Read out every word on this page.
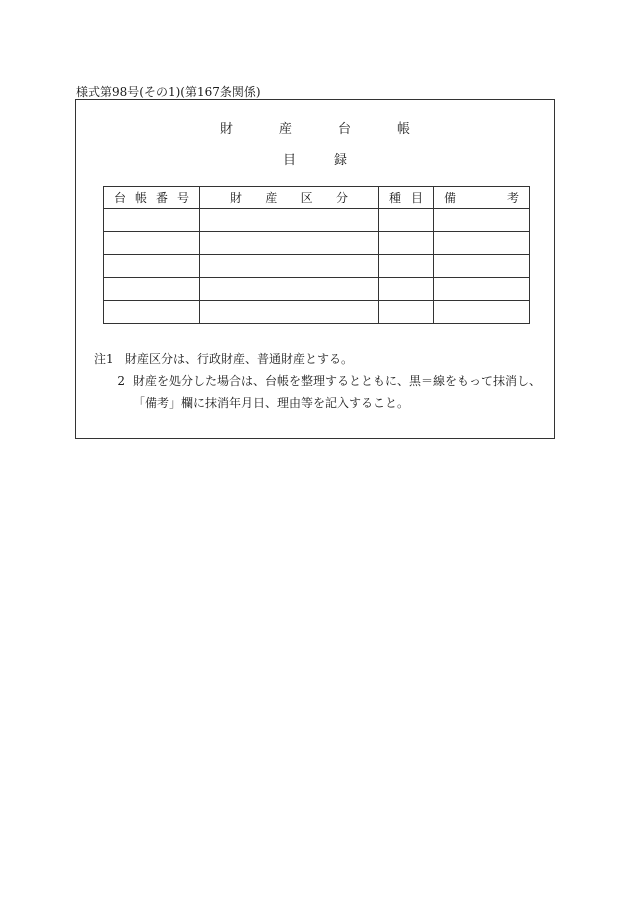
様式第98号(その1)(第167条関係)
財	産	台	帳
目	録
台 帳 番 号	財 産 区 分	種 目	備 考

注1 財産区分は、行政財産、普通財産とする。
2 財産を処分した場合は、台帳を整理するとともに、黒＝線をもって抹消し、「備考」欄に抹消年月日、理由等を記入すること。
